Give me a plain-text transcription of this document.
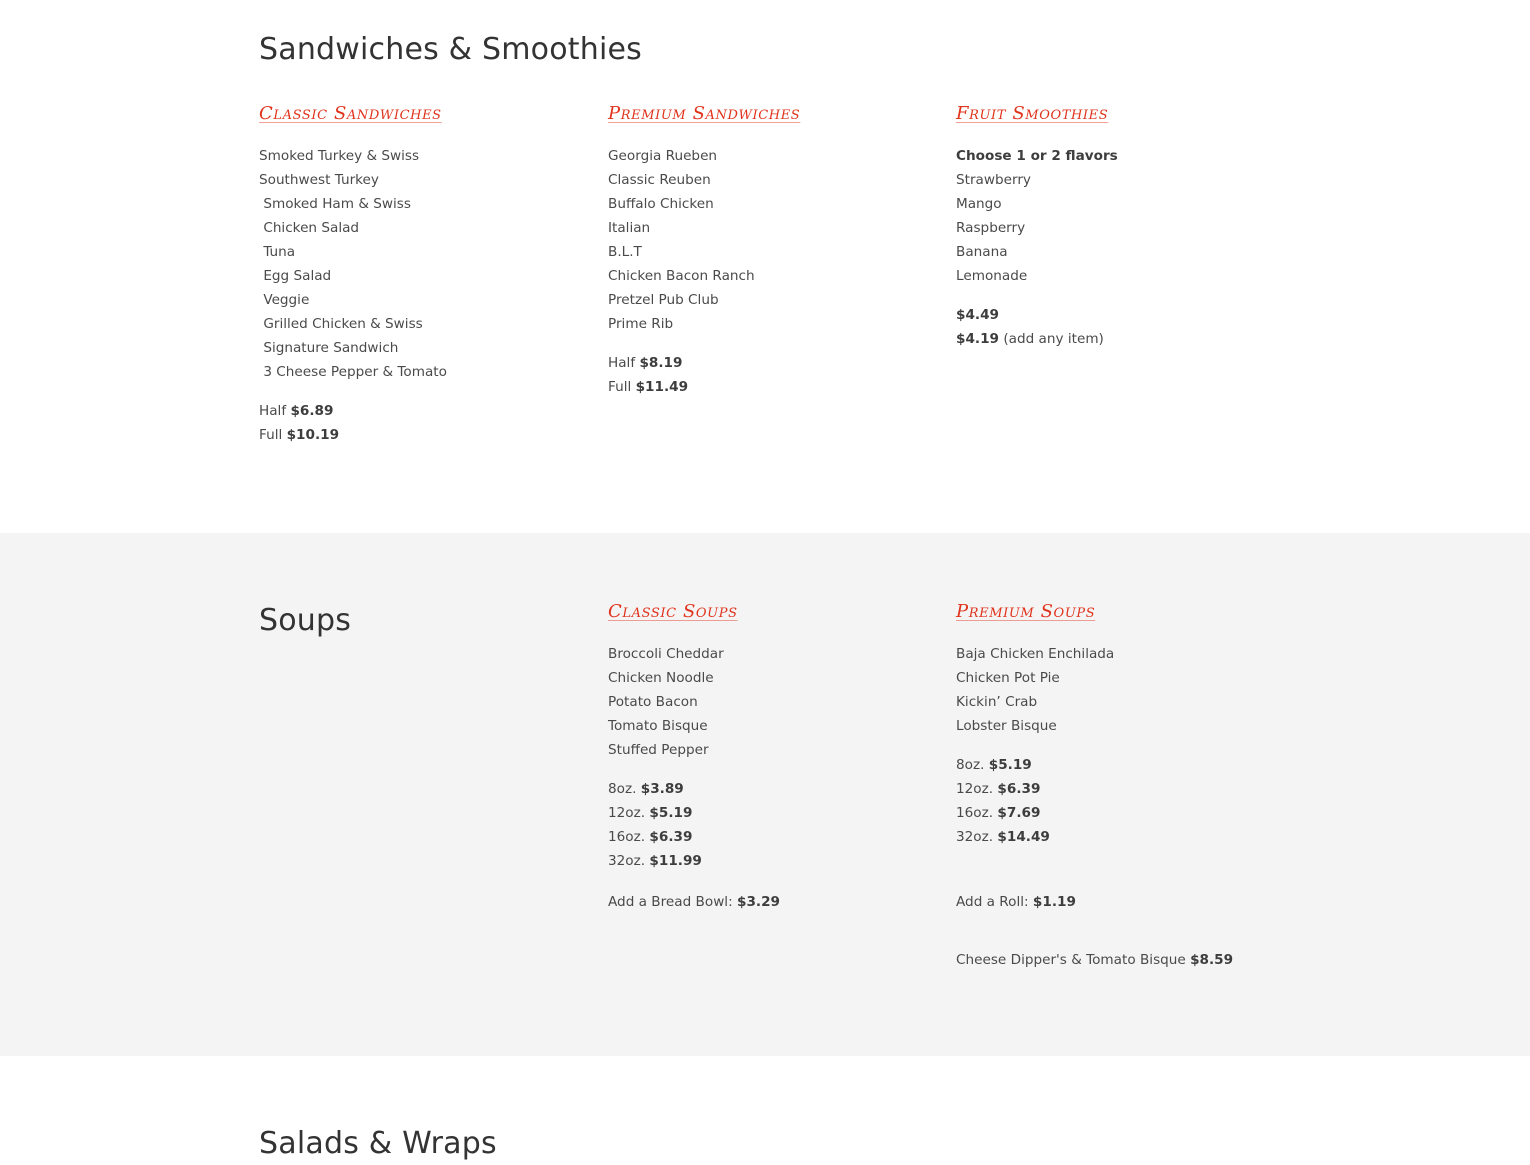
Sandwiches & Smoothies
Classic Sandwiches
Smoked Turkey & Swiss
Southwest Turkey
Smoked Ham & Swiss
Chicken Salad
Tuna
Egg Salad
Veggie
Grilled Chicken & Swiss
Signature Sandwich
3 Cheese Pepper & Tomato
Half $6.89
Full $10.19
Premium Sandwiches
Georgia Rueben
Classic Reuben
Buffalo Chicken
Italian
B.L.T
Chicken Bacon Ranch
Pretzel Pub Club
Prime Rib
Half $8.19
Full $11.49
Fruit Smoothies
Choose 1 or 2 flavors
Strawberry
Mango
Raspberry
Banana
Lemonade
$4.49
$4.19 (add any item)
Soups	Classic Soups
Broccoli Cheddar
Chicken Noodle
Potato Bacon
Tomato Bisque
Stuffed Pepper
8oz. $3.89
12oz. $5.19
16oz. $6.39
32oz. $11.99
Add a Bread Bowl: $3.29
Premium Soups
Baja Chicken Enchilada
Chicken Pot Pie
Kickin’ Crab
Lobster Bisque
8oz. $5.19
12oz. $6.39
16oz. $7.69
32oz. $14.49
Add a Roll: $1.19
Cheese Dipper's & Tomato Bisque $8.59
Salads & Wraps
